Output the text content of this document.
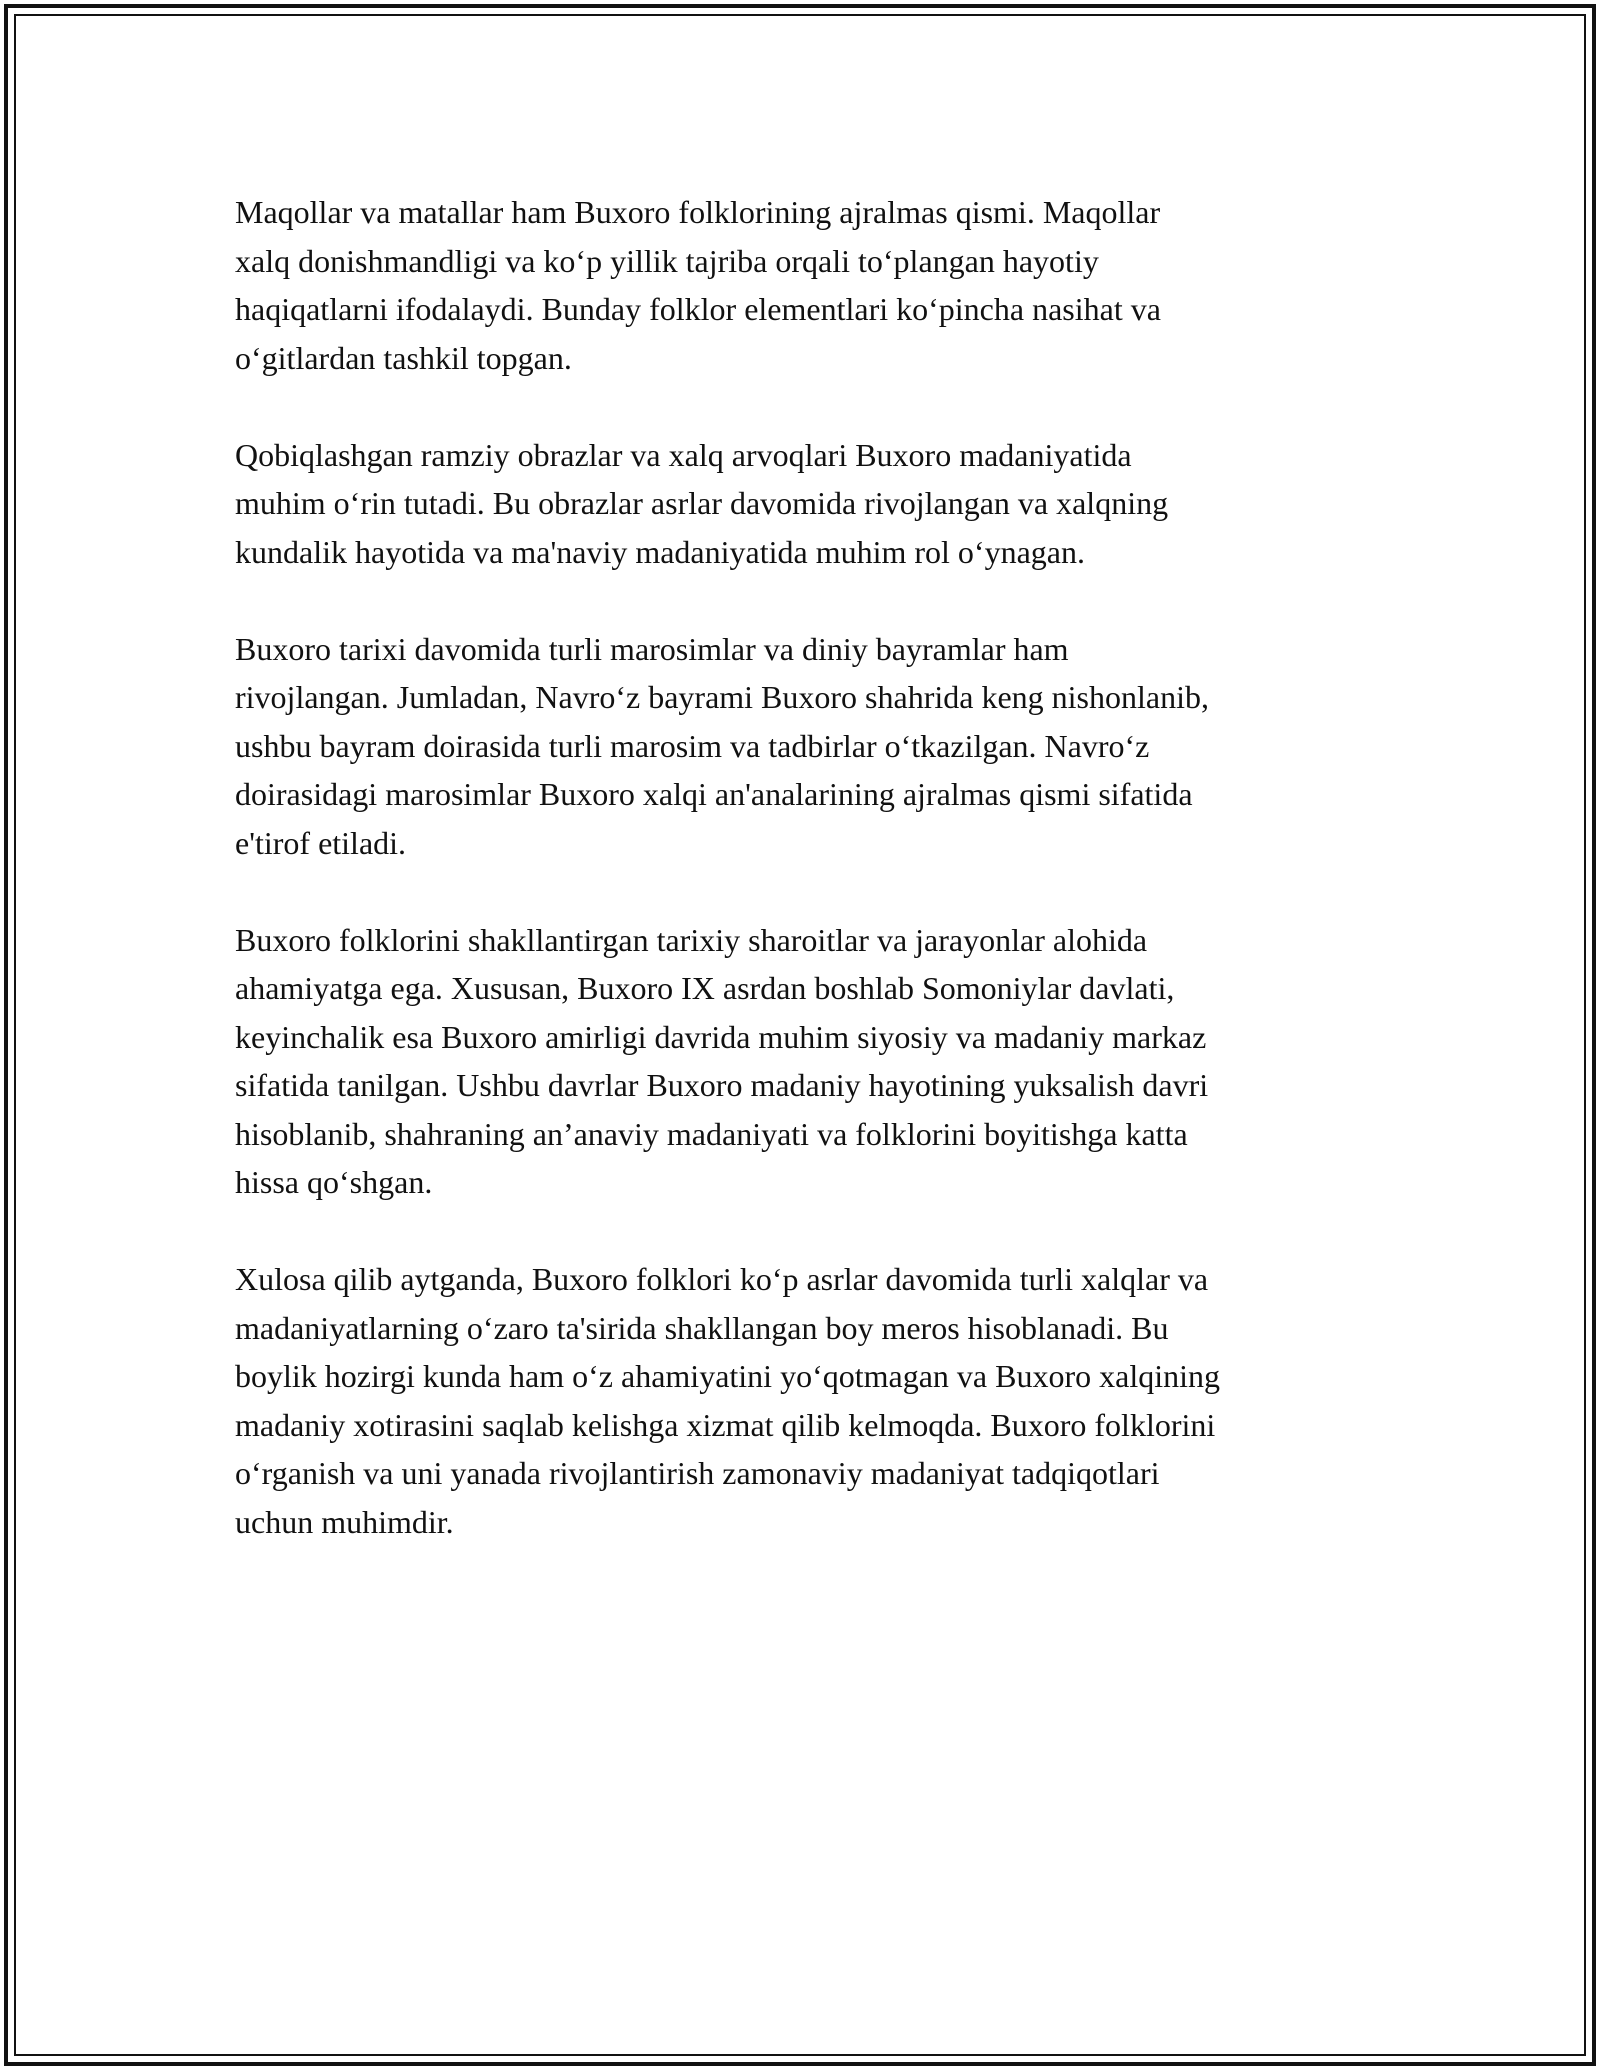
Maqollar va matallar ham Buxoro folklorining ajralmas qismi. Maqollar
xalq donishmandligi va ko‘p yillik tajriba orqali to‘plangan hayotiy
haqiqatlarni ifodalaydi. Bunday folklor elementlari ko‘pincha nasihat va
o‘gitlardan tashkil topgan.

Qobiqlashgan ramziy obrazlar va xalq arvoqlari Buxoro madaniyatida
muhim o‘rin tutadi. Bu obrazlar asrlar davomida rivojlangan va xalqning
kundalik hayotida va ma'naviy madaniyatida muhim rol o‘ynagan.

Buxoro tarixi davomida turli marosimlar va diniy bayramlar ham
rivojlangan. Jumladan, Navro‘z bayrami Buxoro shahrida keng nishonlanib,
ushbu bayram doirasida turli marosim va tadbirlar o‘tkazilgan. Navro‘z
doirasidagi marosimlar Buxoro xalqi an'analarining ajralmas qismi sifatida
e'tirof etiladi.

Buxoro folklorini shakllantirgan tarixiy sharoitlar va jarayonlar alohida
ahamiyatga ega. Xususan, Buxoro IX asrdan boshlab Somoniylar davlati,
keyinchalik esa Buxoro amirligi davrida muhim siyosiy va madaniy markaz
sifatida tanilgan. Ushbu davrlar Buxoro madaniy hayotining yuksalish davri
hisoblanib, shahraning an’anaviy madaniyati va folklorini boyitishga katta
hissa qo‘shgan.

Xulosa qilib aytganda, Buxoro folklori ko‘p asrlar davomida turli xalqlar va
madaniyatlarning o‘zaro ta'sirida shakllangan boy meros hisoblanadi. Bu
boylik hozirgi kunda ham o‘z ahamiyatini yo‘qotmagan va Buxoro xalqining
madaniy xotirasini saqlab kelishga xizmat qilib kelmoqda. Buxoro folklorini
o‘rganish va uni yanada rivojlantirish zamonaviy madaniyat tadqiqotlari
uchun muhimdir.
